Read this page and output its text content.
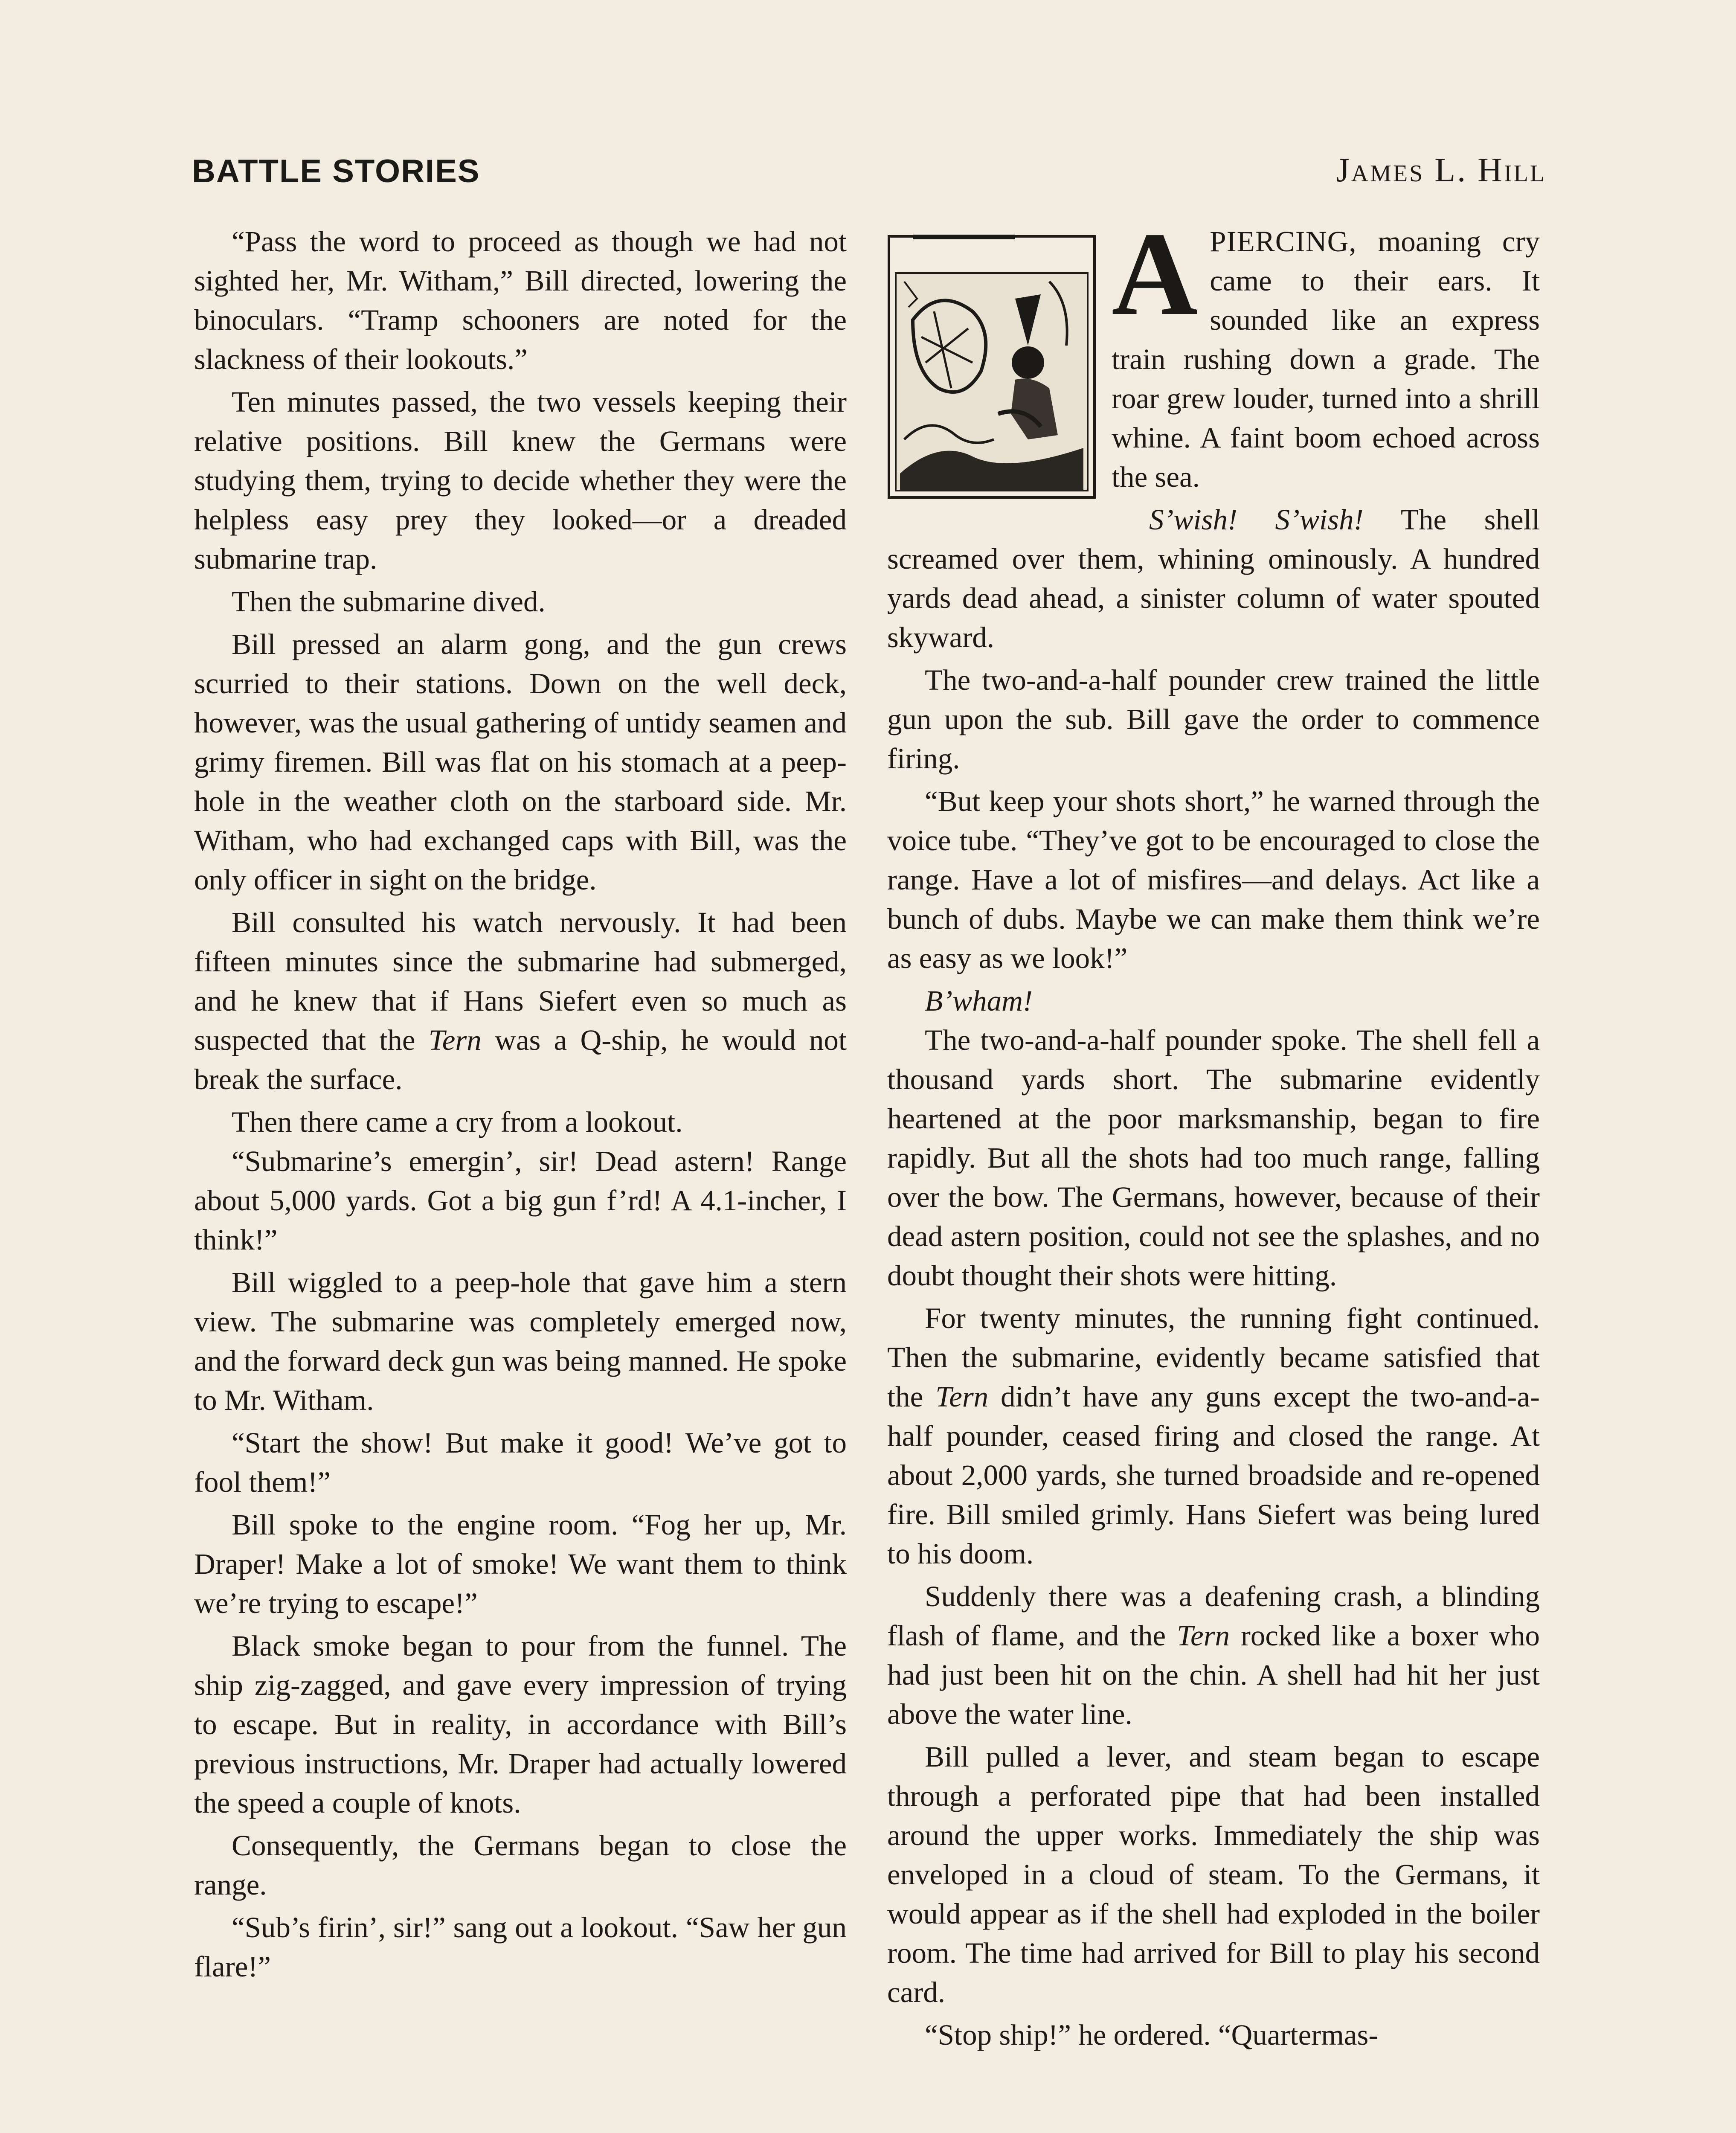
BATTLE STORIES	James L. Hill

“Pass the word to proceed as though we had not sighted her, Mr. Witham,” Bill directed, lowering the binoculars. “Tramp schooners are noted for the slackness of their lookouts.”

Ten minutes passed, the two vessels keeping their relative positions. Bill knew the Germans were studying them, trying to decide whether they were the helpless easy prey they looked—or a dreaded submarine trap.

Then the submarine dived.

Bill pressed an alarm gong, and the gun crews scurried to their stations. Down on the well deck, however, was the usual gathering of untidy seamen and grimy firemen. Bill was flat on his stomach at a peep-hole in the weather cloth on the starboard side. Mr. Witham, who had exchanged caps with Bill, was the only officer in sight on the bridge.

Bill consulted his watch nervously. It had been fifteen minutes since the submarine had submerged, and he knew that if Hans Siefert even so much as suspected that the Tern was a Q-ship, he would not break the surface.

Then there came a cry from a lookout.

“Submarine’s emergin’, sir! Dead astern! Range about 5,000 yards. Got a big gun f’rd! A 4.1-incher, I think!”

Bill wiggled to a peep-hole that gave him a stern view. The submarine was completely emerged now, and the forward deck gun was being manned. He spoke to Mr. Witham.

“Start the show! But make it good! We’ve got to fool them!”

Bill spoke to the engine room. “Fog her up, Mr. Draper! Make a lot of smoke! We want them to think we’re trying to escape!”

Black smoke began to pour from the funnel. The ship zig-zagged, and gave every impression of trying to escape. But in reality, in accordance with Bill’s previous instructions, Mr. Draper had actually lowered the speed a couple of knots.

Consequently, the Germans began to close the range.

“Sub’s firin’, sir!” sang out a lookout. “Saw her gun flare!”

A PIERCING, moaning cry came to their ears. It sounded like an express train rushing down a grade. The roar grew louder, turned into a shrill whine. A faint boom echoed across the sea.

S’wish! S’wish! The shell screamed over them, whining ominously. A hundred yards dead ahead, a sinister column of water spouted skyward.

The two-and-a-half pounder crew trained the little gun upon the sub. Bill gave the order to commence firing.

“But keep your shots short,” he warned through the voice tube. “They’ve got to be encouraged to close the range. Have a lot of misfires—and delays. Act like a bunch of dubs. Maybe we can make them think we’re as easy as we look!”

B’wham!

The two-and-a-half pounder spoke. The shell fell a thousand yards short. The submarine evidently heartened at the poor marksmanship, began to fire rapidly. But all the shots had too much range, falling over the bow. The Germans, however, because of their dead astern position, could not see the splashes, and no doubt thought their shots were hitting.

For twenty minutes, the running fight continued. Then the submarine, evidently became satisfied that the Tern didn’t have any guns except the two-and-a-half pounder, ceased firing and closed the range. At about 2,000 yards, she turned broadside and re-opened fire. Bill smiled grimly. Hans Siefert was being lured to his doom.

Suddenly there was a deafening crash, a blinding flash of flame, and the Tern rocked like a boxer who had just been hit on the chin. A shell had hit her just above the water line.

Bill pulled a lever, and steam began to escape through a perforated pipe that had been installed around the upper works. Immediately the ship was enveloped in a cloud of steam. To the Germans, it would appear as if the shell had exploded in the boiler room. The time had arrived for Bill to play his second card.

“Stop ship!” he ordered. “Quartermas-
